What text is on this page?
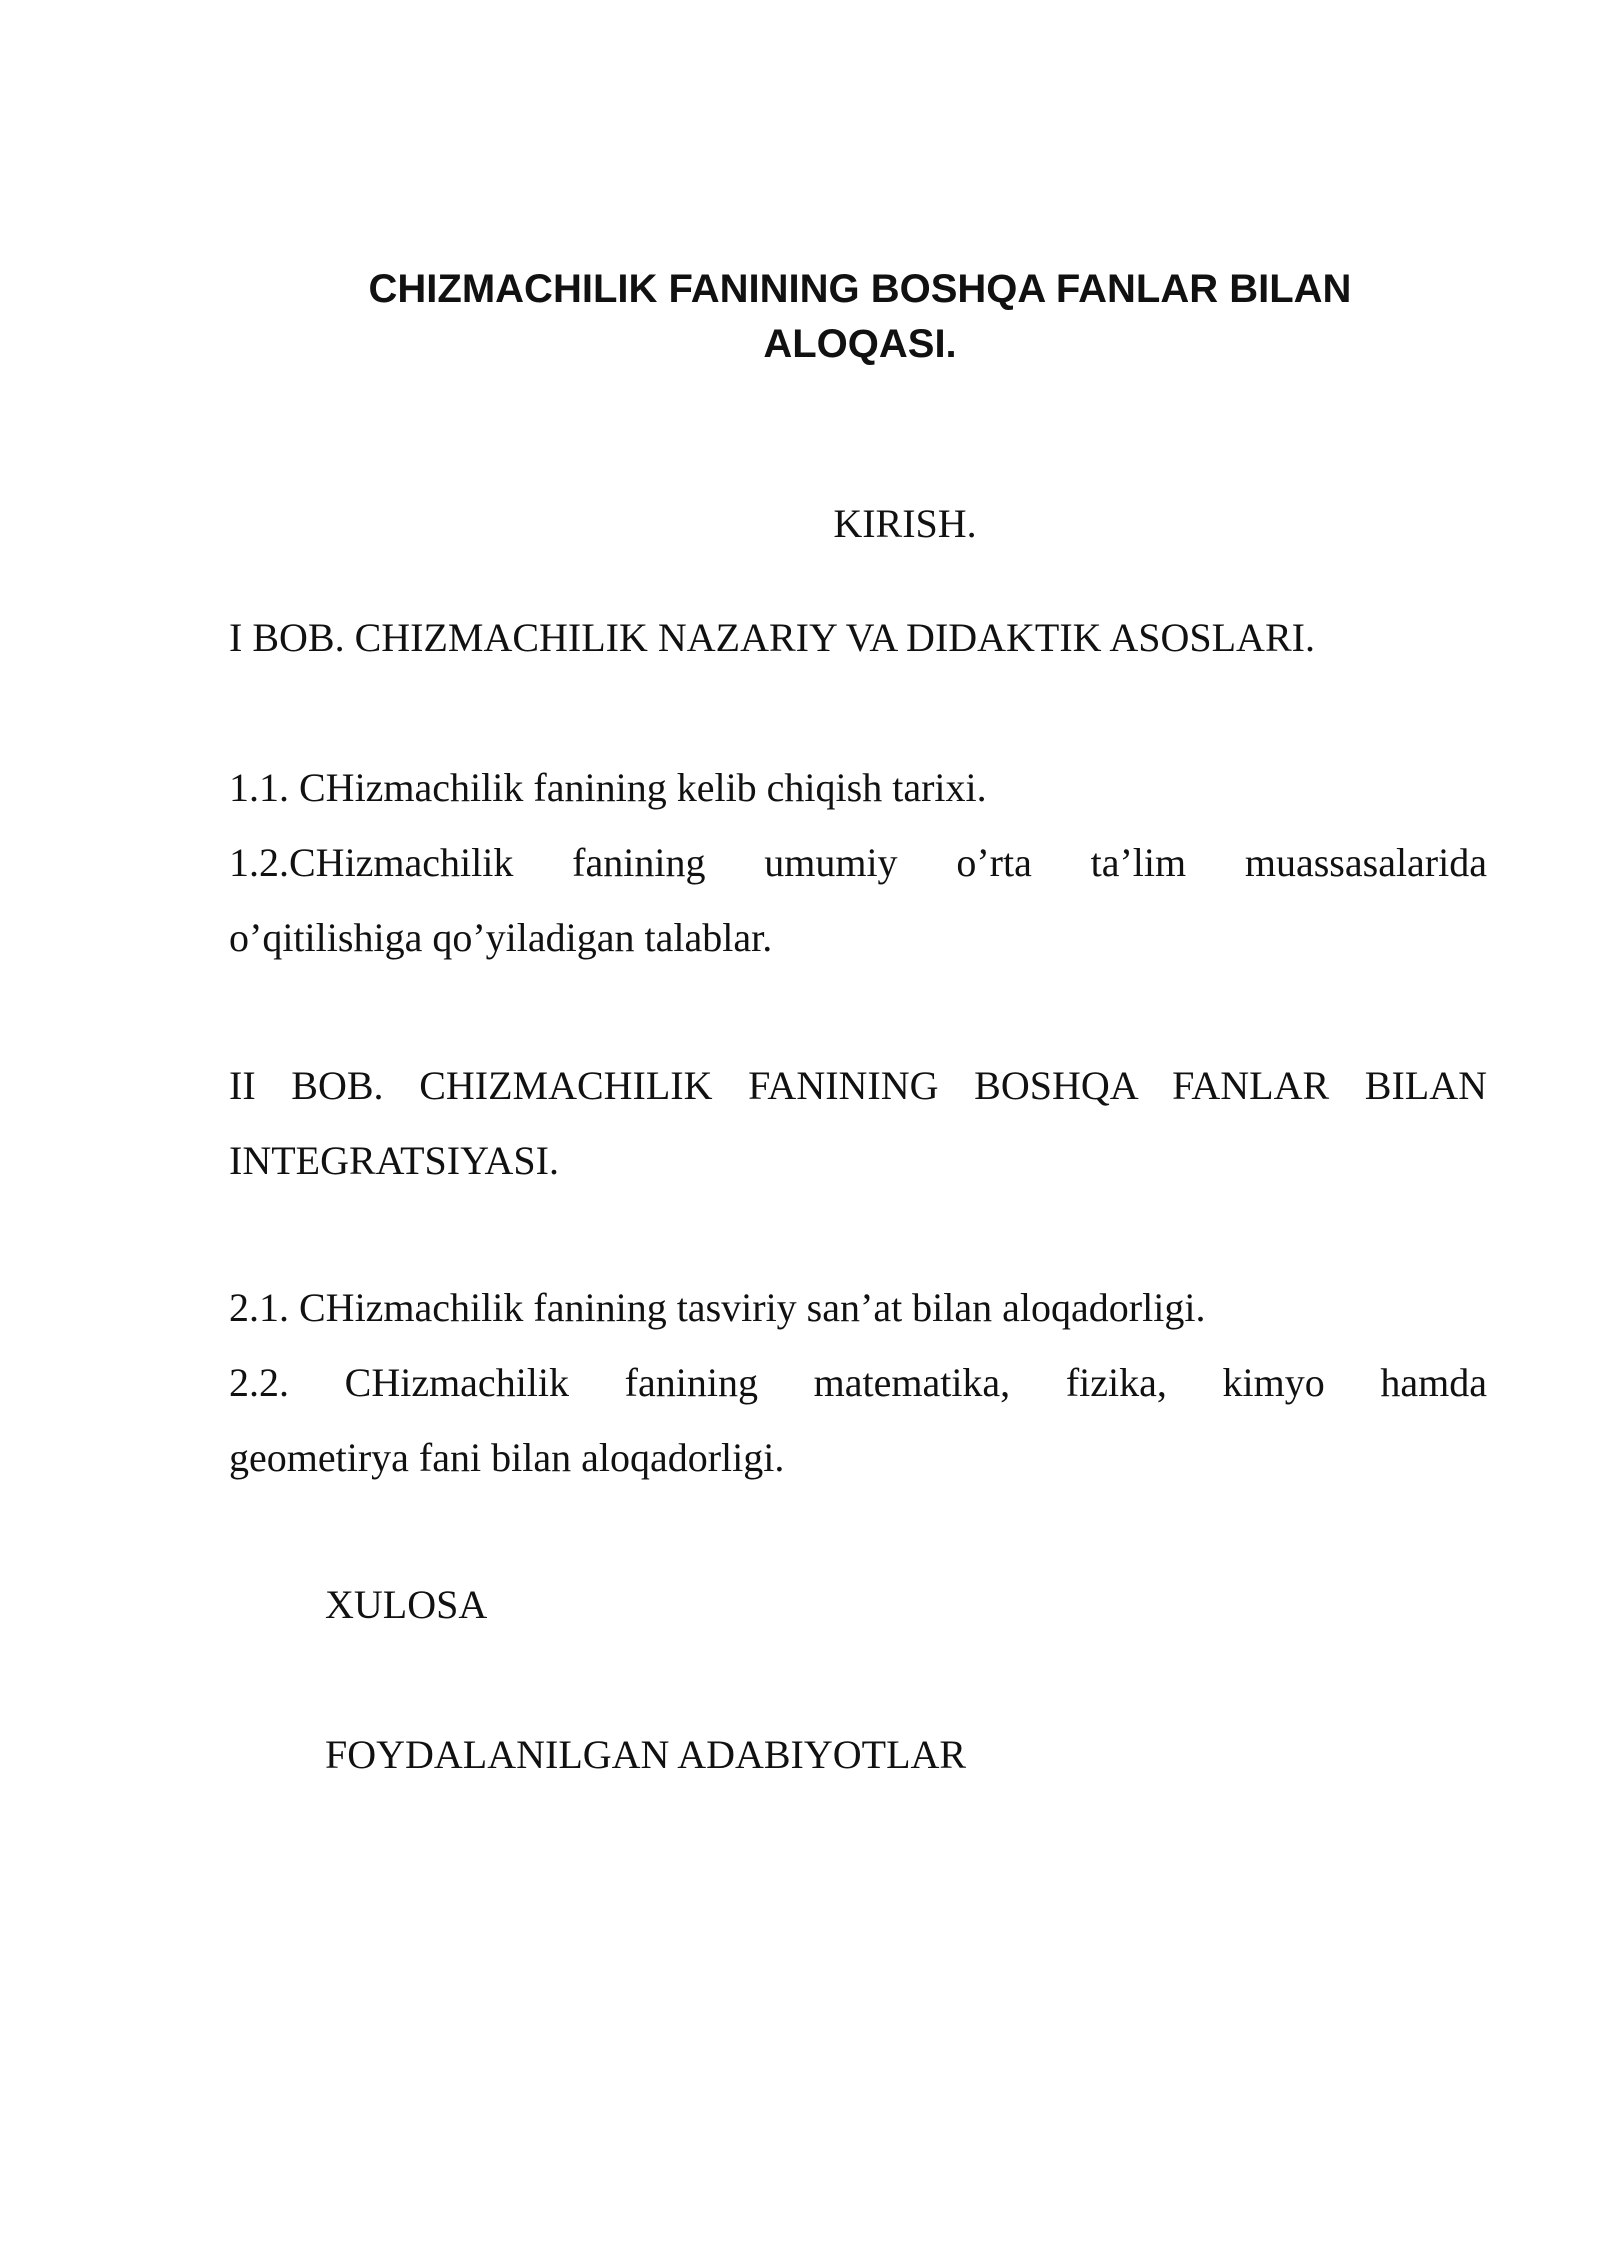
CHIZMACHILIK FANINING BOSHQA FANLAR BILAN
ALOQASI.

KIRISH.

I BOB. CHIZMACHILIK NAZARIY VA DIDAKTIK ASOSLARI.

1.1. CHizmachilik fanining kelib chiqish tarixi.

1.2.CHizmachilik fanining umumiy o’rta ta’lim muassasalarida

o’qitilishiga qo’yiladigan talablar.

II BOB. CHIZMACHILIK FANINING BOSHQA FANLAR BILAN

INTEGRATSIYASI.

2.1. CHizmachilik fanining tasviriy san’at bilan aloqadorligi.

2.2. CHizmachilik fanining matematika, fizika, kimyo hamda

geometirya fani bilan aloqadorligi.

XULOSA

FOYDALANILGAN ADABIYOTLAR
